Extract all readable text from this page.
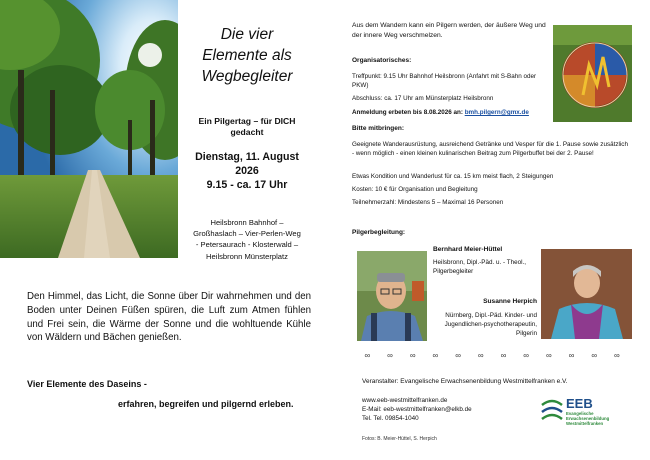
Die vier
Elemente als
Wegbegleiter
Ein Pilgertag – für DICH
gedacht
Dienstag, 11. August
2026
9.15 - ca. 17 Uhr
Heilsbronn Bahnhof –
Großhaslach – Vier-Perlen-Weg
- Petersaurach - Klosterwald –
Heilsbronn Münsterplatz
Den Himmel, das Licht, die Sonne über Dir wahrnehmen und den Boden unter Deinen Füßen spüren, die Luft zum Atmen fühlen und Frei sein, die Wärme der Sonne und die wohltuende Kühle von Wäldern und Bächen genießen.
Vier Elemente des Daseins -
erfahren, begreifen und pilgernd erleben.
Aus dem Wandern kann ein Pilgern werden, der äußere Weg und der innere Weg verschmelzen.
Organisatorisches:
Treffpunkt: 9.15 Uhr Bahnhof Heilsbronn (Anfahrt mit S-Bahn oder PKW)
Abschluss: ca. 17 Uhr am Münsterplatz Heilsbronn
Anmeldung erbeten bis 8.08.2026 an: bmh.pilgern@gmx.de
Bitte mitbringen:
Geeignete Wanderausrüstung, ausreichend Getränke und Vesper für die 1. Pause sowie zusätzlich - wenn möglich - einen kleinen kulinarischen Beitrag zum Pilgerbuffet bei der 2. Pause!
Etwas Kondition und Wanderlust für ca. 15 km meist flach, 2 Steigungen
Kosten: 10 € für Organisation und Begleitung
Teilnehmerzahl: Mindestens 5 – Maximal 16 Personen
Pilgerbegleitung:
Bernhard Meier-Hüttel
Heilsbronn, Dipl.-Päd. u. - Theol., Pilgerbegleiter
Susanne Herpich
Nürnberg, Dipl.-Päd. Kinder- und Jugendlichen-psychotherapeutin, Pilgerin
∞ ∞ ∞ ∞ ∞ ∞ ∞ ∞ ∞ ∞ ∞ ∞
Veranstalter: Evangelische Erwachsenenbildung Westmittelfranken e.V.
www.eeb-westmittelfranken.de
E-Mail: eeb-westmittelfranken@elkb.de
Tel. Tel. 09854-1040
EEB
Evangelische
Erwachsenenbildung
Westmittelfranken
Fotos: B. Meier-Hüttel, S. Herpich
